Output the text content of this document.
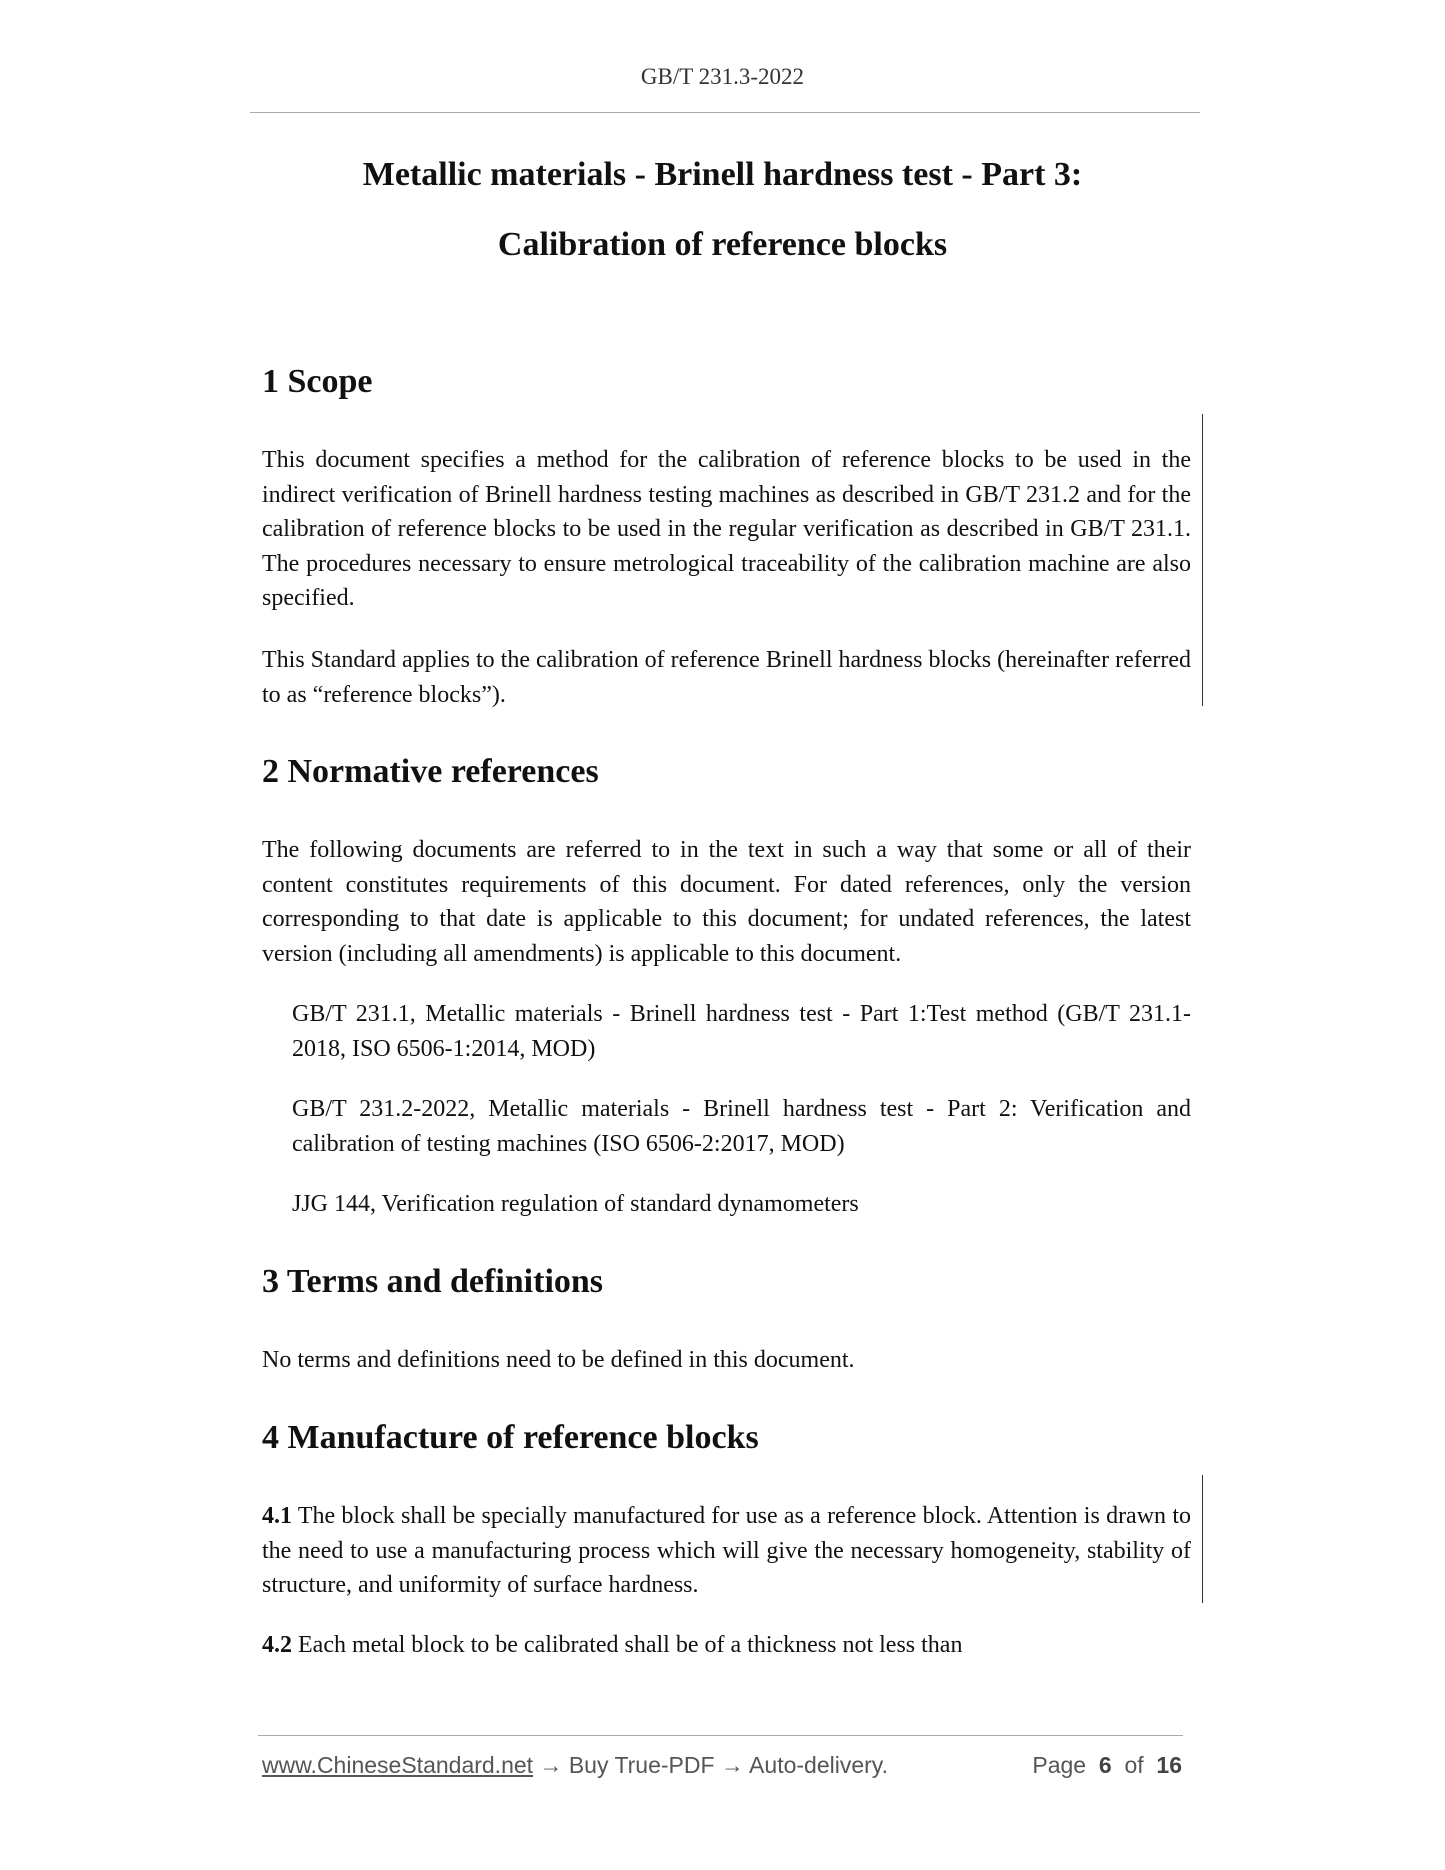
GB/T 231.3-2022
Metallic materials - Brinell hardness test - Part 3:
Calibration of reference blocks
1 Scope

This document specifies a method for the calibration of reference blocks to be used in the indirect verification of Brinell hardness testing machines as described in GB/T 231.2 and for the calibration of reference blocks to be used in the regular verification as described in GB/T 231.1. The procedures necessary to ensure metrological traceability of the calibration machine are also specified.

This Standard applies to the calibration of reference Brinell hardness blocks (hereinafter referred to as “reference blocks”).

2 Normative references

The following documents are referred to in the text in such a way that some or all of their content constitutes requirements of this document. For dated references, only the version corresponding to that date is applicable to this document; for undated references, the latest version (including all amendments) is applicable to this document.

GB/T 231.1, Metallic materials - Brinell hardness test - Part 1:Test method (GB/T 231.1-2018, ISO 6506-1:2014, MOD)

GB/T 231.2-2022, Metallic materials - Brinell hardness test - Part 2: Verification and calibration of testing machines (ISO 6506-2:2017, MOD)

JJG 144, Verification regulation of standard dynamometers

3 Terms and definitions

No terms and definitions need to be defined in this document.

4 Manufacture of reference blocks

4.1 The block shall be specially manufactured for use as a reference block. Attention is drawn to the need to use a manufacturing process which will give the necessary homogeneity, stability of structure, and uniformity of surface hardness.

4.2 Each metal block to be calibrated shall be of a thickness not less than

www.ChineseStandard.net → Buy True-PDF → Auto-delivery.	Page 6 of 16
